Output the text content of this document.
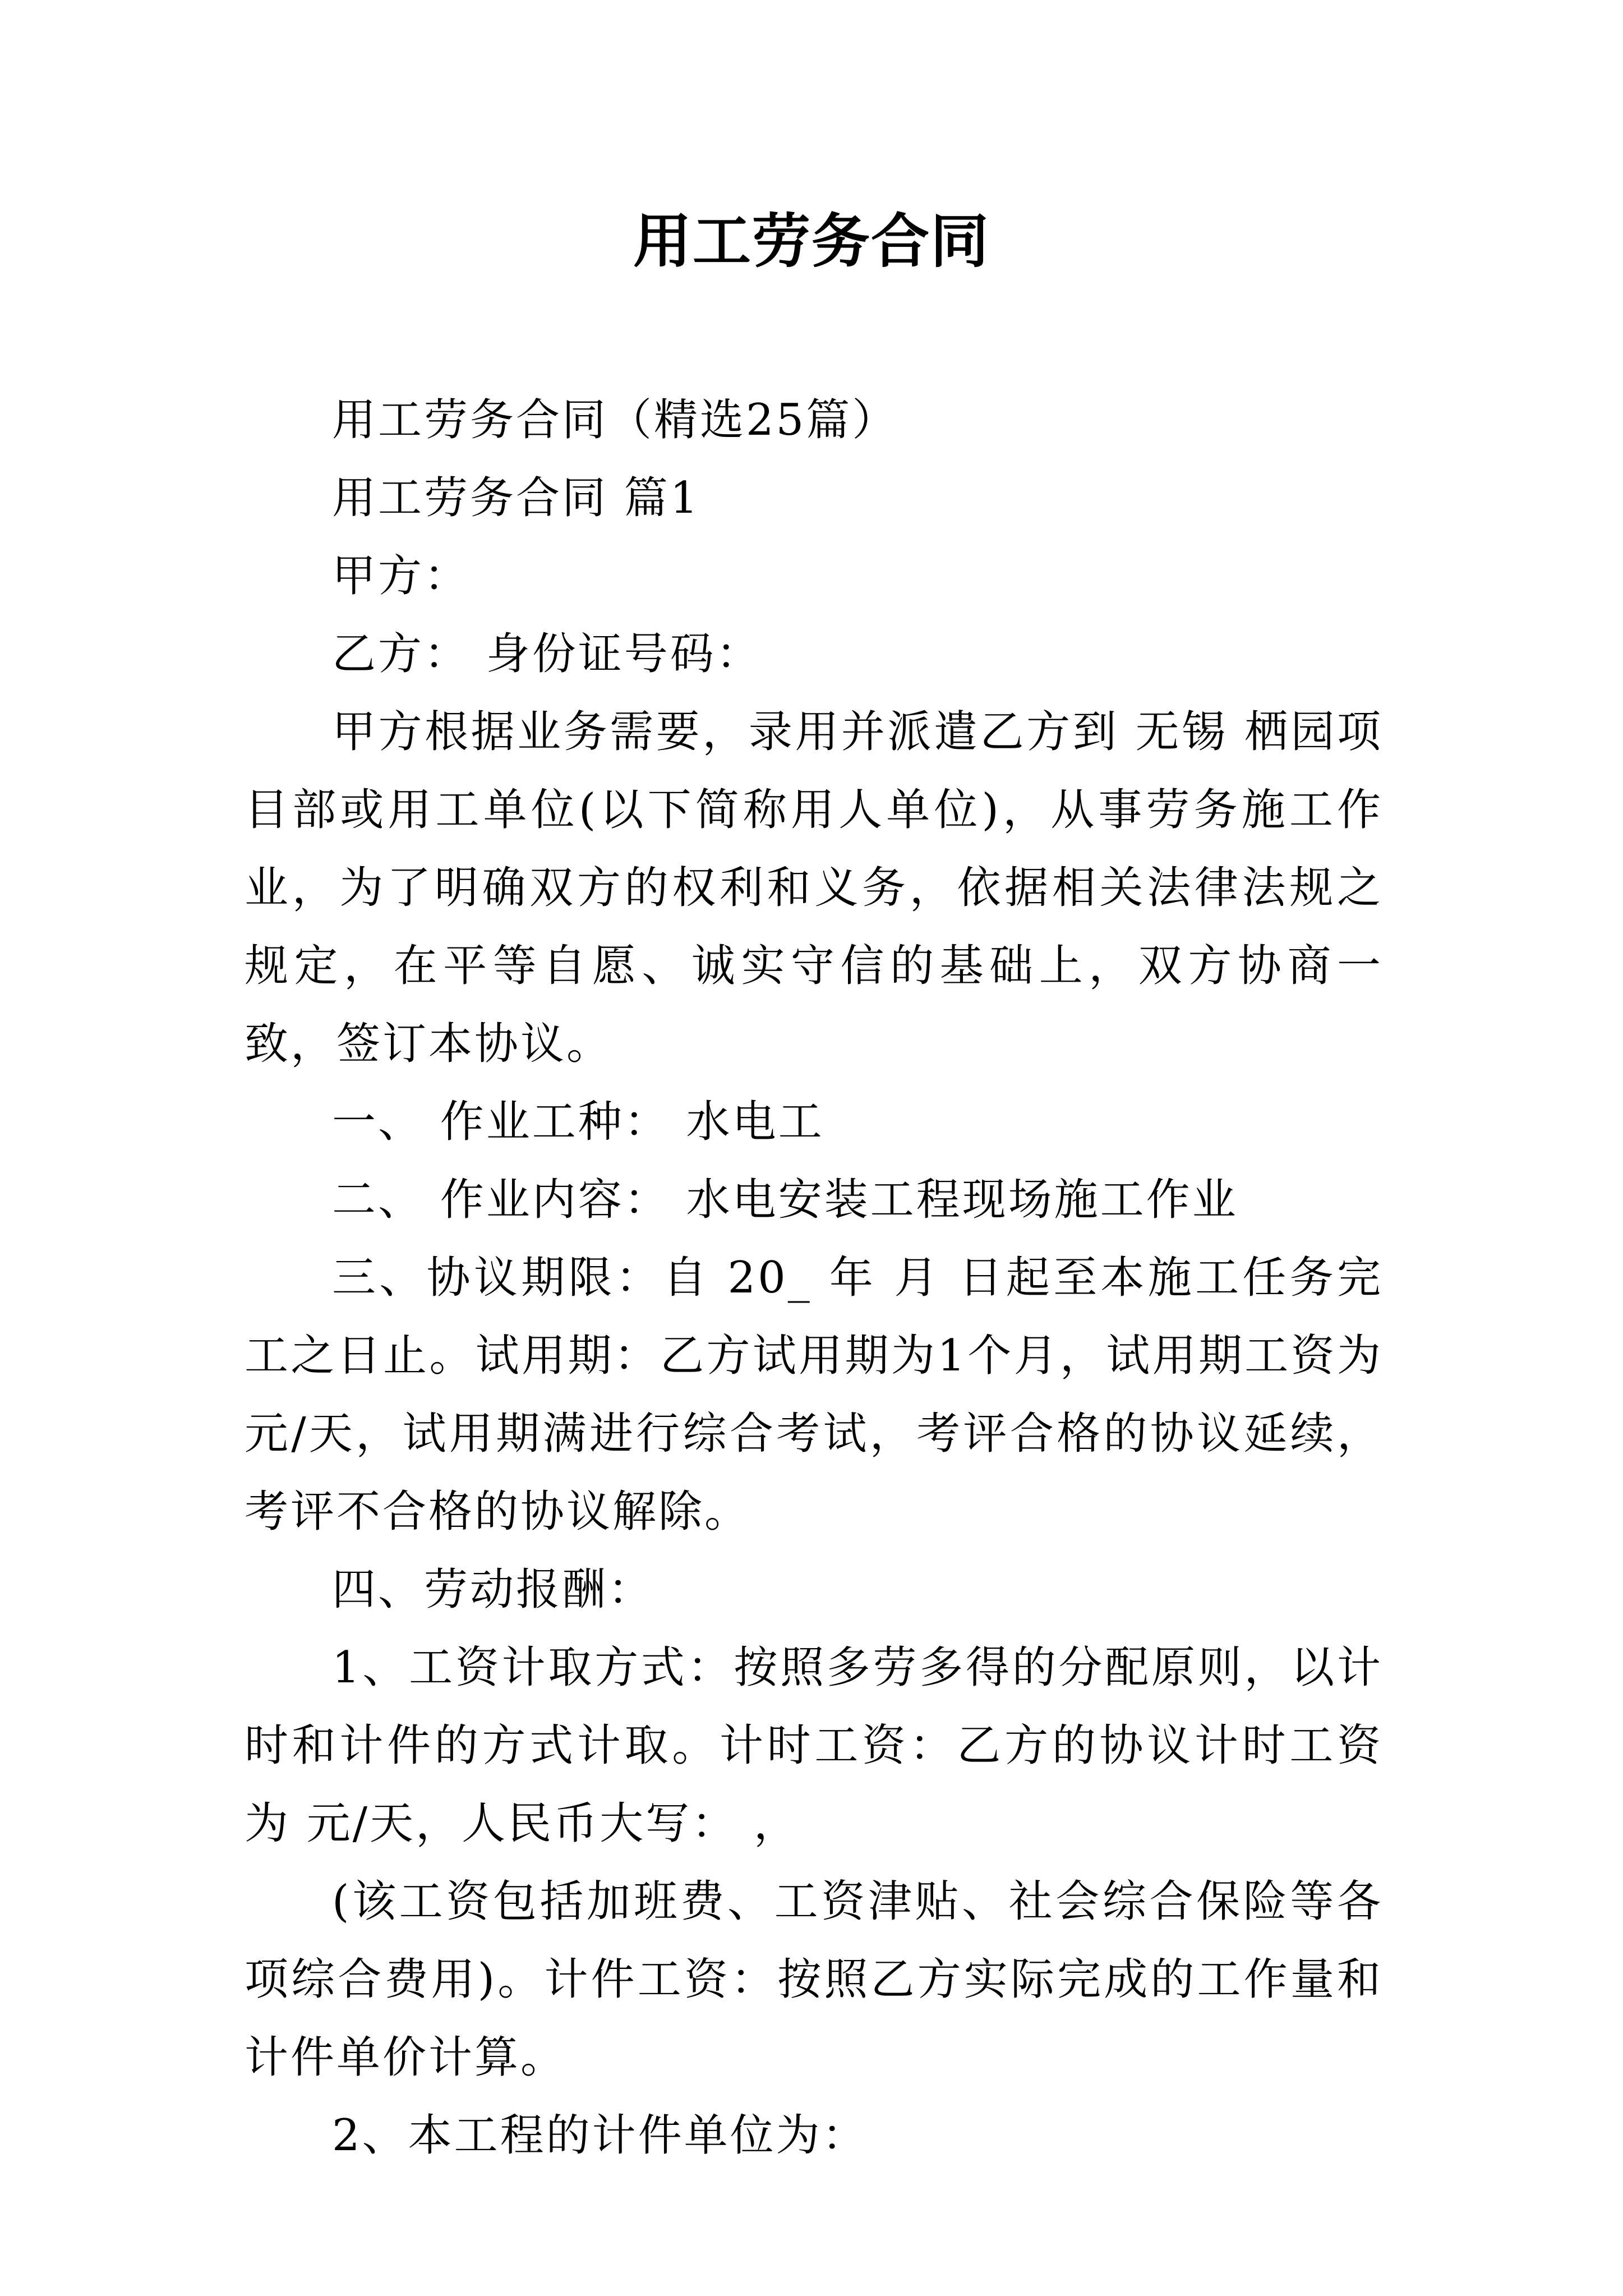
用工劳务合同

用工劳务合同（精选25篇）

用工劳务合同 篇1

甲方：

乙方： 身份证号码：

甲方根据业务需要，录用并派遣乙方到 无锡 栖园项目部或用工单位(以下简称用人单位)，从事劳务施工作业，为了明确双方的权利和义务，依据相关法律法规之规定，在平等自愿、诚实守信的基础上，双方协商一致，签订本协议。

一、 作业工种： 水电工

二、 作业内容： 水电安装工程现场施工作业

三、协议期限：自 20_ 年 月 日起至本施工任务完工之日止。试用期：乙方试用期为1个月，试用期工资为元/天，试用期满进行综合考试，考评合格的协议延续，考评不合格的协议解除。

四、劳动报酬：

1、工资计取方式：按照多劳多得的分配原则，以计时和计件的方式计取。计时工资：乙方的协议计时工资为 元/天，人民币大写： ，

(该工资包括加班费、工资津贴、社会综合保险等各项综合费用)。计件工资：按照乙方实际完成的工作量和计件单价计算。

2、本工程的计件单位为：
